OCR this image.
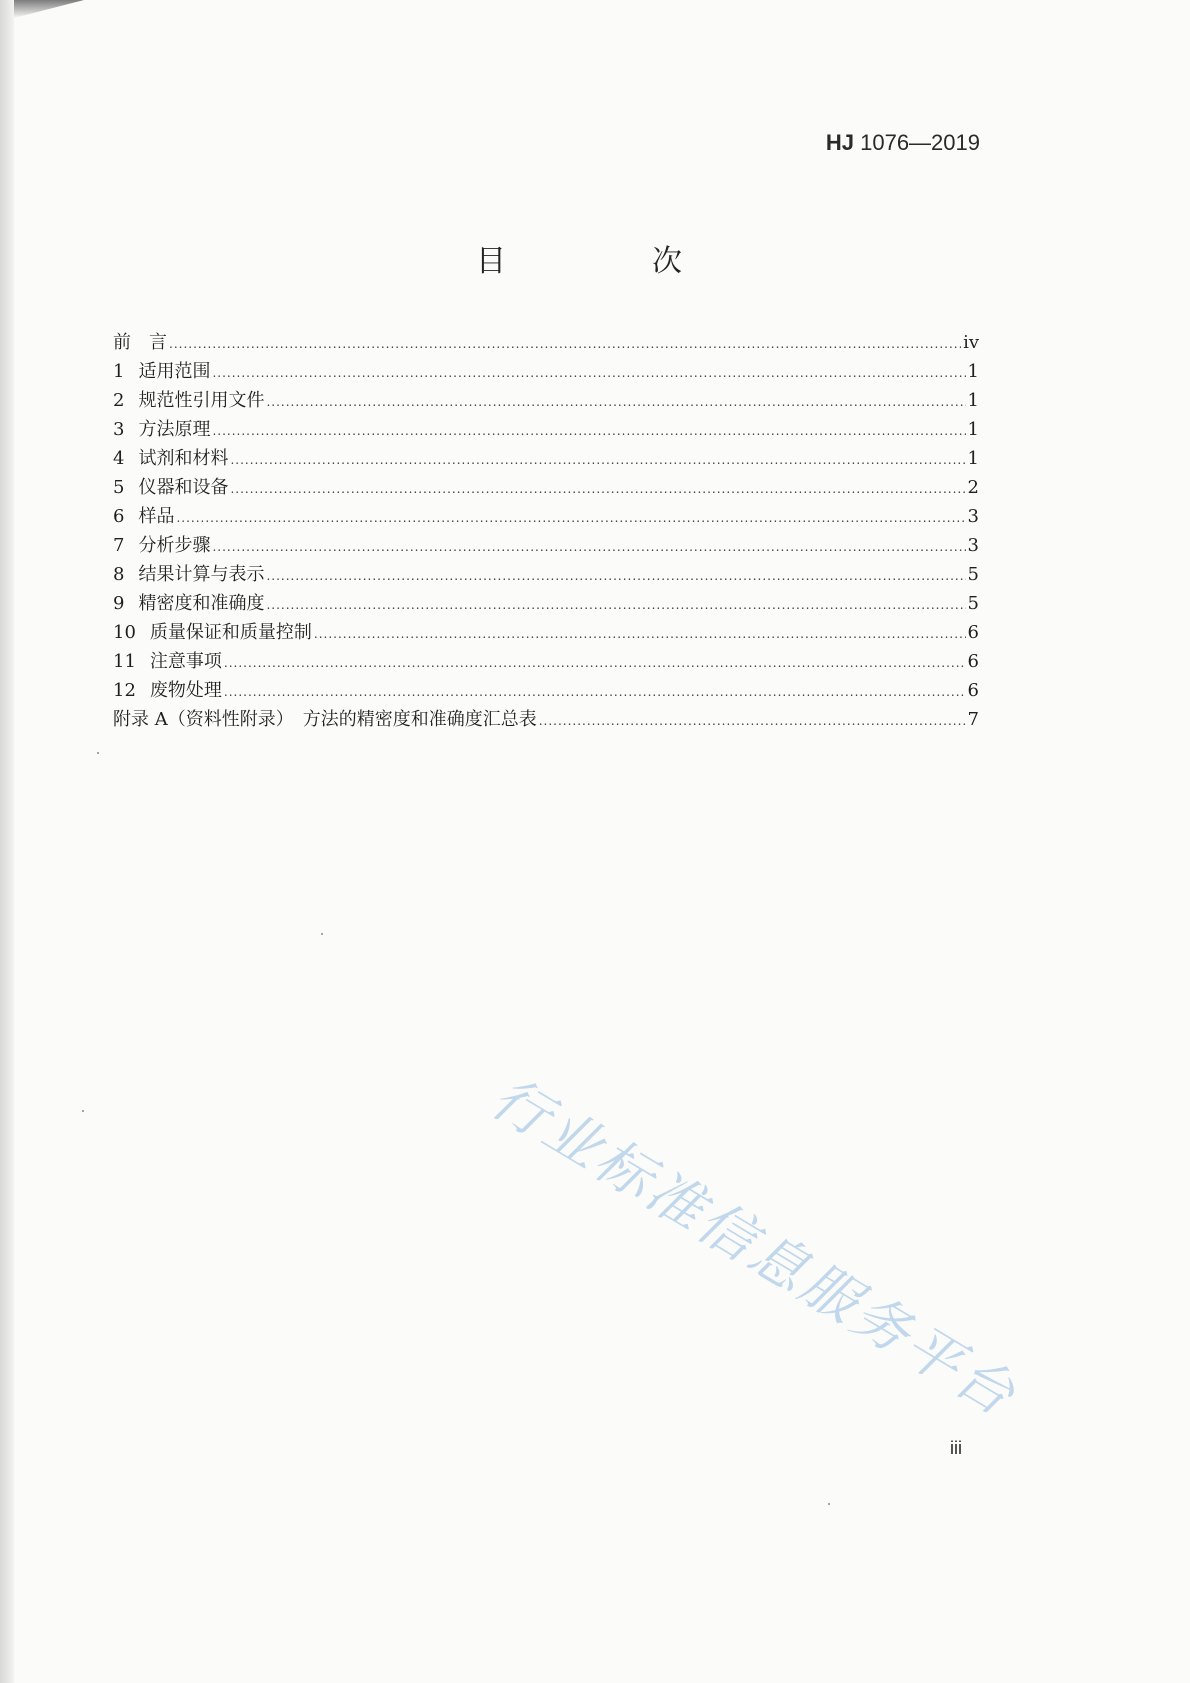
HJ 1076—2019
目　次
前　言 .....	iv
1 适用范围 .....	1
2 规范性引用文件 .....	1
3 方法原理 .....	1
4 试剂和材料 .....	1
5 仪器和设备 .....	2
6 样品 .....	3
7 分析步骤 .....	3
8 结果计算与表示 .....	5
9 精密度和准确度 .....	5
10 质量保证和质量控制 .....	6
11 注意事项 .....	6
12 废物处理 .....	6
附录 A（资料性附录）　方法的精密度和准确度汇总表 .....	7
行业标准信息服务平台
iii
